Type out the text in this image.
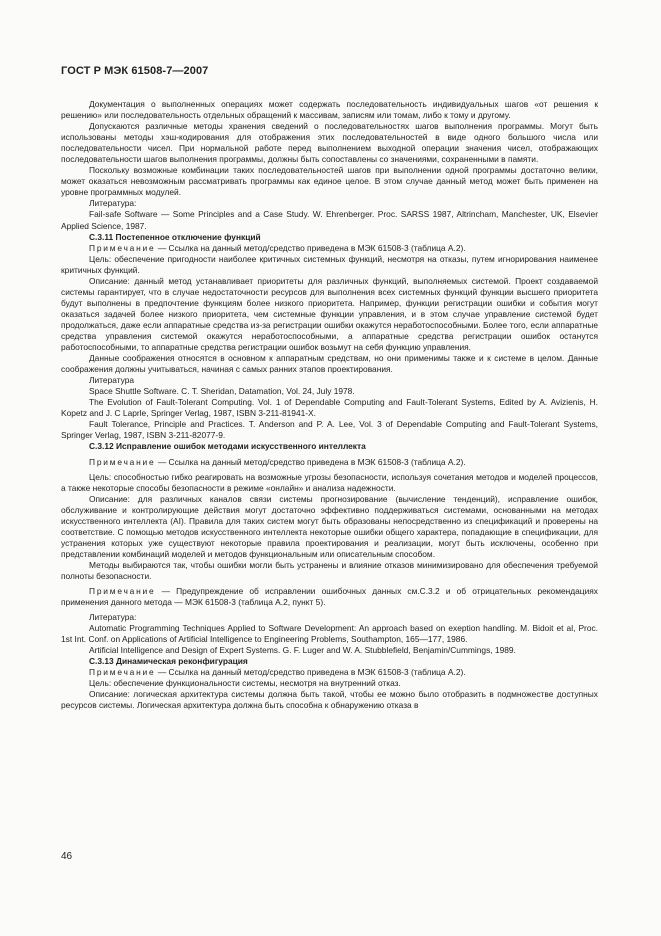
ГОСТ Р МЭК 61508-7—2007

Документация о выполненных операциях может содержать последовательность индивидуальных шагов «от решения к решению» или последовательность отдельных обращений к массивам, записям или томам, либо к тому и другому.

Допускаются различные методы хранения сведений о последовательностях шагов выполнения программы. Могут быть использованы методы хэш-кодирования для отображения этих последовательностей в виде одного большого числа или последовательности чисел. При нормальной работе перед выполнением выходной операции значения чисел, отображающих последовательности шагов выполнения программы, должны быть сопоставлены со значениями, сохраненными в памяти.

Поскольку возможные комбинации таких последовательностей шагов при выполнении одной программы достаточно велики, может оказаться невозможным рассматривать программы как единое целое. В этом случае данный метод может быть применен на уровне программных модулей.

Литература:

Fail-safe Software — Some Principles and a Case Study. W. Ehrenberger. Proc. SARSS 1987, Altrincham, Manchester, UK, Elsevier Applied Science, 1987.

C.3.11 Постепенное отключение функций

Примечание — Ссылка на данный метод/средство приведена в МЭК 61508-3 (таблица А.2).

Цель: обеспечение пригодности наиболее критичных системных функций, несмотря на отказы, путем игнорирования наименее критичных функций.

Описание: данный метод устанавливает приоритеты для различных функций, выполняемых системой. Проект создаваемой системы гарантирует, что в случае недостаточности ресурсов для выполнения всех системных функций функции высшего приоритета будут выполнены в предпочтение функциям более низкого приоритета. Например, функции регистрации ошибки и события могут оказаться задачей более низкого приоритета, чем системные функции управления, и в этом случае управление системой будет продолжаться, даже если аппаратные средства из-за регистрации ошибки окажутся неработоспособными. Более того, если аппаратные средства управления системой окажутся неработоспособными, а аппаратные средства регистрации ошибок останутся работоспособными, то аппаратные средства регистрации ошибок возьмут на себя функцию управления.

Данные соображения относятся в основном к аппаратным средствам, но они применимы также и к системе в целом. Данные соображения должны учитываться, начиная с самых ранних этапов проектирования.

Литература

Space Shuttle Software. C. T. Sheridan, Datamation, Vol. 24, July 1978.

The Evolution of Fault-Tolerant Computing. Vol. 1 of Dependable Computing and Fault-Tolerant Systems, Edited by A. Avizienis, H. Kopetz and J. C Laprle, Springer Verlag, 1987, ISBN 3-211-81941-X.

Fault Tolerance, Principle and Practices. T. Anderson and P. A. Lee, Vol. 3 of Dependable Computing and Fault-Tolerant Systems, Springer Verlag, 1987, ISBN 3-211-82077-9.

C.3.12 Исправление ошибок методами искусственного интеллекта

Примечание — Ссылка на данный метод/средство приведена в МЭК 61508-3 (таблица А.2).

Цель: способностью гибко реагировать на возможные угрозы безопасности, используя сочетания методов и моделей процессов, а также некоторые способы безопасности в режиме «онлайн» и анализа надежности.

Описание: для различных каналов связи системы прогнозирование (вычисление тенденций), исправление ошибок, обслуживание и контролирующие действия могут достаточно эффективно поддерживаться системами, основанными на методах искусственного интеллекта (AI). Правила для таких систем могут быть образованы непосредственно из спецификаций и проверены на соответствие. С помощью методов искусственного интеллекта некоторые ошибки общего характера, попадающие в спецификации, для устранения которых уже существуют некоторые правила проектирования и реализации, могут быть исключены, особенно при представлении комбинаций моделей и методов функциональным или описательным способом.

Методы выбираются так, чтобы ошибки могли быть устранены и влияние отказов минимизировано для обеспечения требуемой полноты безопасности.

Примечание — Предупреждение об исправлении ошибочных данных см.С.3.2 и об отрицательных рекомендациях применения данного метода — МЭК 61508-3 (таблица А.2, пункт 5).

Литература:

Automatic Programming Techniques Applied to Software Development: An approach based on exeption handling. M. Bidoit et al, Proc. 1st Int. Conf. on Applications of Artificial Intelligence to Engineering Problems, Southampton, 165—177, 1986.

Artificial Intelligence and Design of Expert Systems. G. F. Luger and W. A. Stubblefield, Benjamin/Cummings, 1989.

C.3.13 Динамическая реконфигурация

Примечание — Ссылка на данный метод/средство приведена в МЭК 61508-3 (таблица А.2).

Цель: обеспечение функциональности системы, несмотря на внутренний отказ.

Описание: логическая архитектура системы должна быть такой, чтобы ее можно было отобразить в подмножестве доступных ресурсов системы. Логическая архитектура должна быть способна к обнаружению отказа в

46
